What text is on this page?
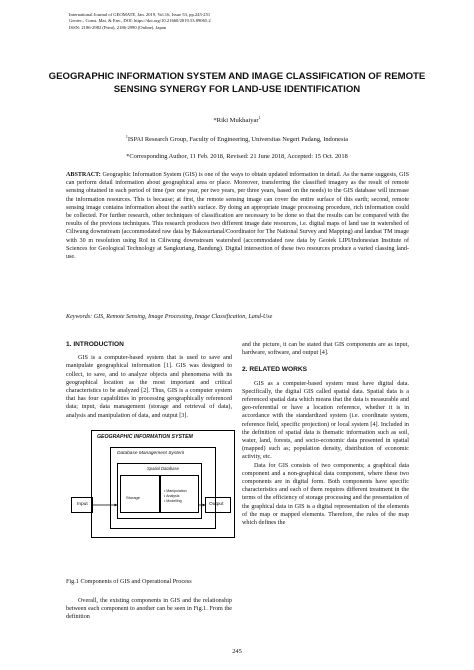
International Journal of GEOMATE, Jan. 2019, Vol.16, Issue 53, pp.245-251
Geotec., Const. Mat. & Env., DOI: https://doi.org/10.21660/2019.53.89065.2
ISSN: 2186-2982 (Print), 2186-2990 (Online), Japan
GEOGRAPHIC INFORMATION SYSTEM AND IMAGE CLASSIFICATION OF REMOTE SENSING SYNERGY FOR LAND-USE IDENTIFICATION
*Riki Mukhaiyar$^1$
$^1$ISPAI Research Group, Faculty of Engineering, Universitas Negeri Padang, Indonesia
*Corresponding Author, 11 Feb. 2018, Revised: 21 June 2018, Accepted: 15 Oct. 2018
ABSTRACT: Geographic Information System (GIS) is one of the ways to obtain updated information in detail. As the name suggests, GIS can perform detail information about geographical area or place. Moreover, transferring the classified imagery as the result of remote sensing obtained in each period of time (per one year, per two years, per three years, based on the needs) to the GIS database will increase the information resources. This is because; at first, the remote sensing image can cover the entire surface of this earth; second, remote sensing image contains information about the earth's surface. By doing an appropriate image processing procedure, rich information could be collected. For further research, other techniques of classification are necessary to be done so that the results can be compared with the results of the previous techniques. This research produces two different image date resources, i.e. digital maps of land use in watershed of Ciliwung downstream (accommodated raw data by Bakosurtanal/Coordinator for The National Survey and Mapping) and landsat TM image with 30 m resolution using RoI in Ciliwung downstream watershed (accommodated raw data by Geotek LIPI/Indonesian Institute of Sciences for Geological Technology at Sangkuriang, Bandung). Digital intersection of these two resources produce a varied classing land-use.
Keywords: GIS, Remote Sensing, Image Processing, Image Classification, Land-Use
1. INTRODUCTION

GIS is a computer-based system that is used to save and manipulate geographical information [1]. GIS was designed to collect, to save, and to analyze objects and phenomena with its geographical location as the most important and critical characteristics to be analyzed [2]. Thus, GIS is a computer system that has four capabilities in processing geographically referenced data; input, data management (storage and retrieval of data), analysis and manipulation of data, and output [3].

GEOGRAPHIC INFORMATION SYSTEM
Database Management System
Spatial Database
Storage
• Manipulation
• Analysis
• Modelling
Input	Output
Fig.1 Components of GIS and Operational Process

Overall, the existing components in GIS and the relationship between each component to another can be seen in Fig.1. From the definition

and the picture, it can be stated that GIS components are as input, hardware, software, and output [4].

2. RELATED WORKS

GIS as a computer-based system must have digital data. Specifically, the digital GIS called spatial data. Spatial data is a referenced spatial data which means that the data is measurable and geo-referential or have a location reference, whether it is in accordance with the standardized system (i.e. coordinate system, reference field, specific projection) or local system [4]. Included in the definition of spatial data is thematic information such as soil, water, land, forests, and socio-economic data presented in spatial (mapped) such as; population density, distribution of economic activity, etc.

Data for GIS consists of two components; a graphical data component and a non-graphical data component, where these two components are in digital form. Both components have specific characteristics and each of them requires different treatment in the terms of the efficiency of storage processing and the presentation of the graphical data in GIS is a digital representation of the elements of the map or mapped elements. Therefore, the rules of the map which defines the

245
